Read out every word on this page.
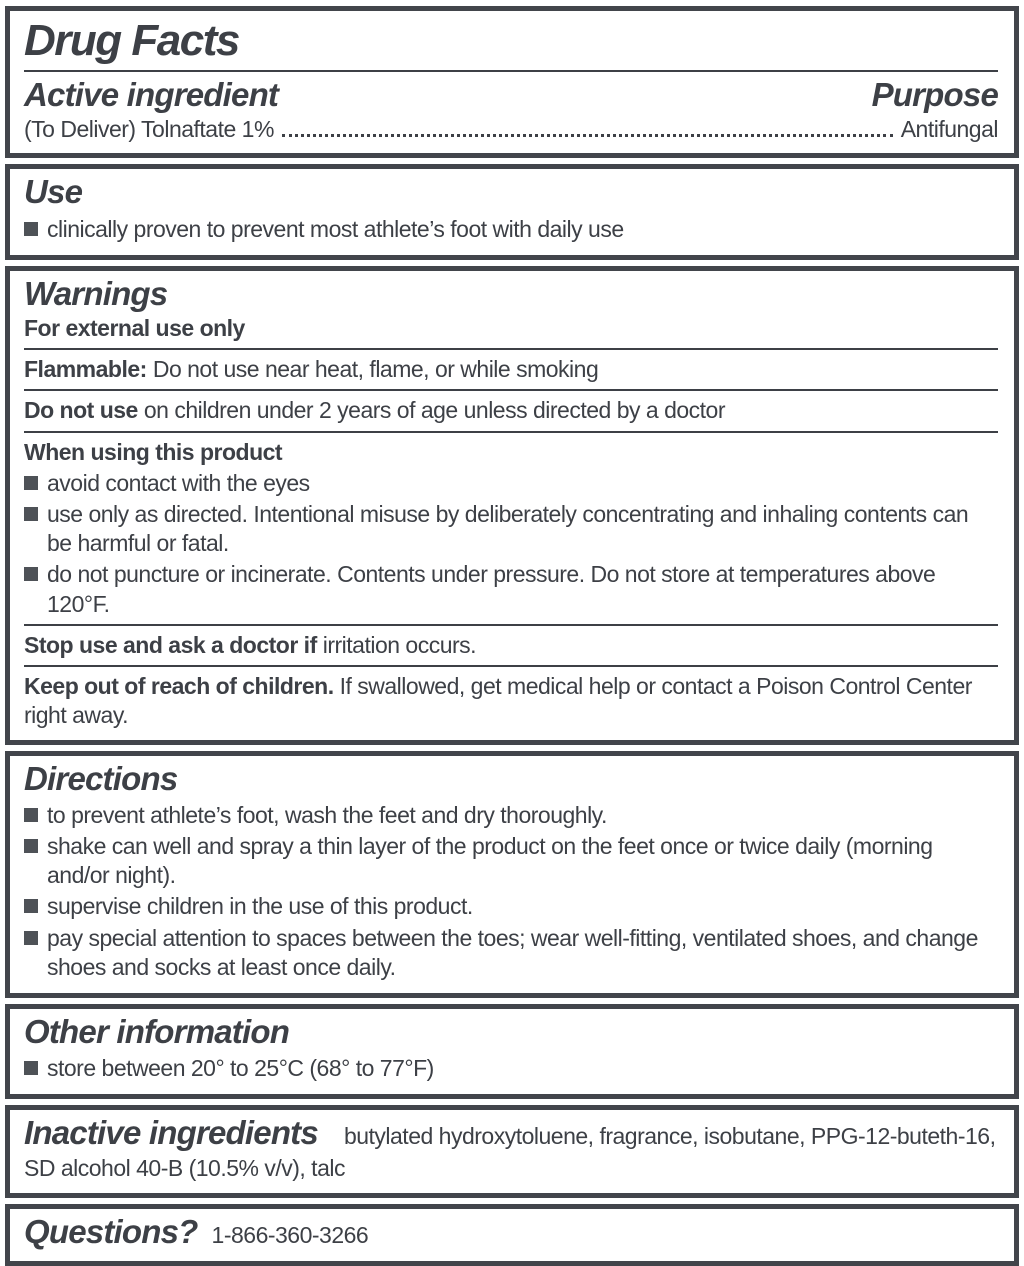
Drug Facts
Active ingredient	Purpose
(To Deliver) Tolnaftate 1%	Antifungal
Use
clinically proven to prevent most athlete’s foot with daily use
Warnings

For external use only

Flammable: Do not use near heat, flame, or while smoking

Do not use on children under 2 years of age unless directed by a doctor

When using this product

avoid contact with the eyes
use only as directed. Intentional misuse by deliberately concentrating and inhaling contents can be harmful or fatal.
do not puncture or incinerate. Contents under pressure. Do not store at temperatures above 120°F.

Stop use and ask a doctor if irritation occurs.

Keep out of reach of children. If swallowed, get medical help or contact a Poison Control Center right away.

Directions
to prevent athlete’s foot, wash the feet and dry thoroughly.
shake can well and spray a thin layer of the product on the feet once or twice daily (morning and/or night).
supervise children in the use of this product.
pay special attention to spaces between the toes; wear well-fitting, ventilated shoes, and change shoes and socks at least once daily.
Other information
store between 20° to 25°C (68° to 77°F)

Inactive ingredients butylated hydroxytoluene, fragrance, isobutane, PPG-12-buteth-16, SD alcohol 40-B (10.5% v/v), talc

Questions? 1-866-360-3266
